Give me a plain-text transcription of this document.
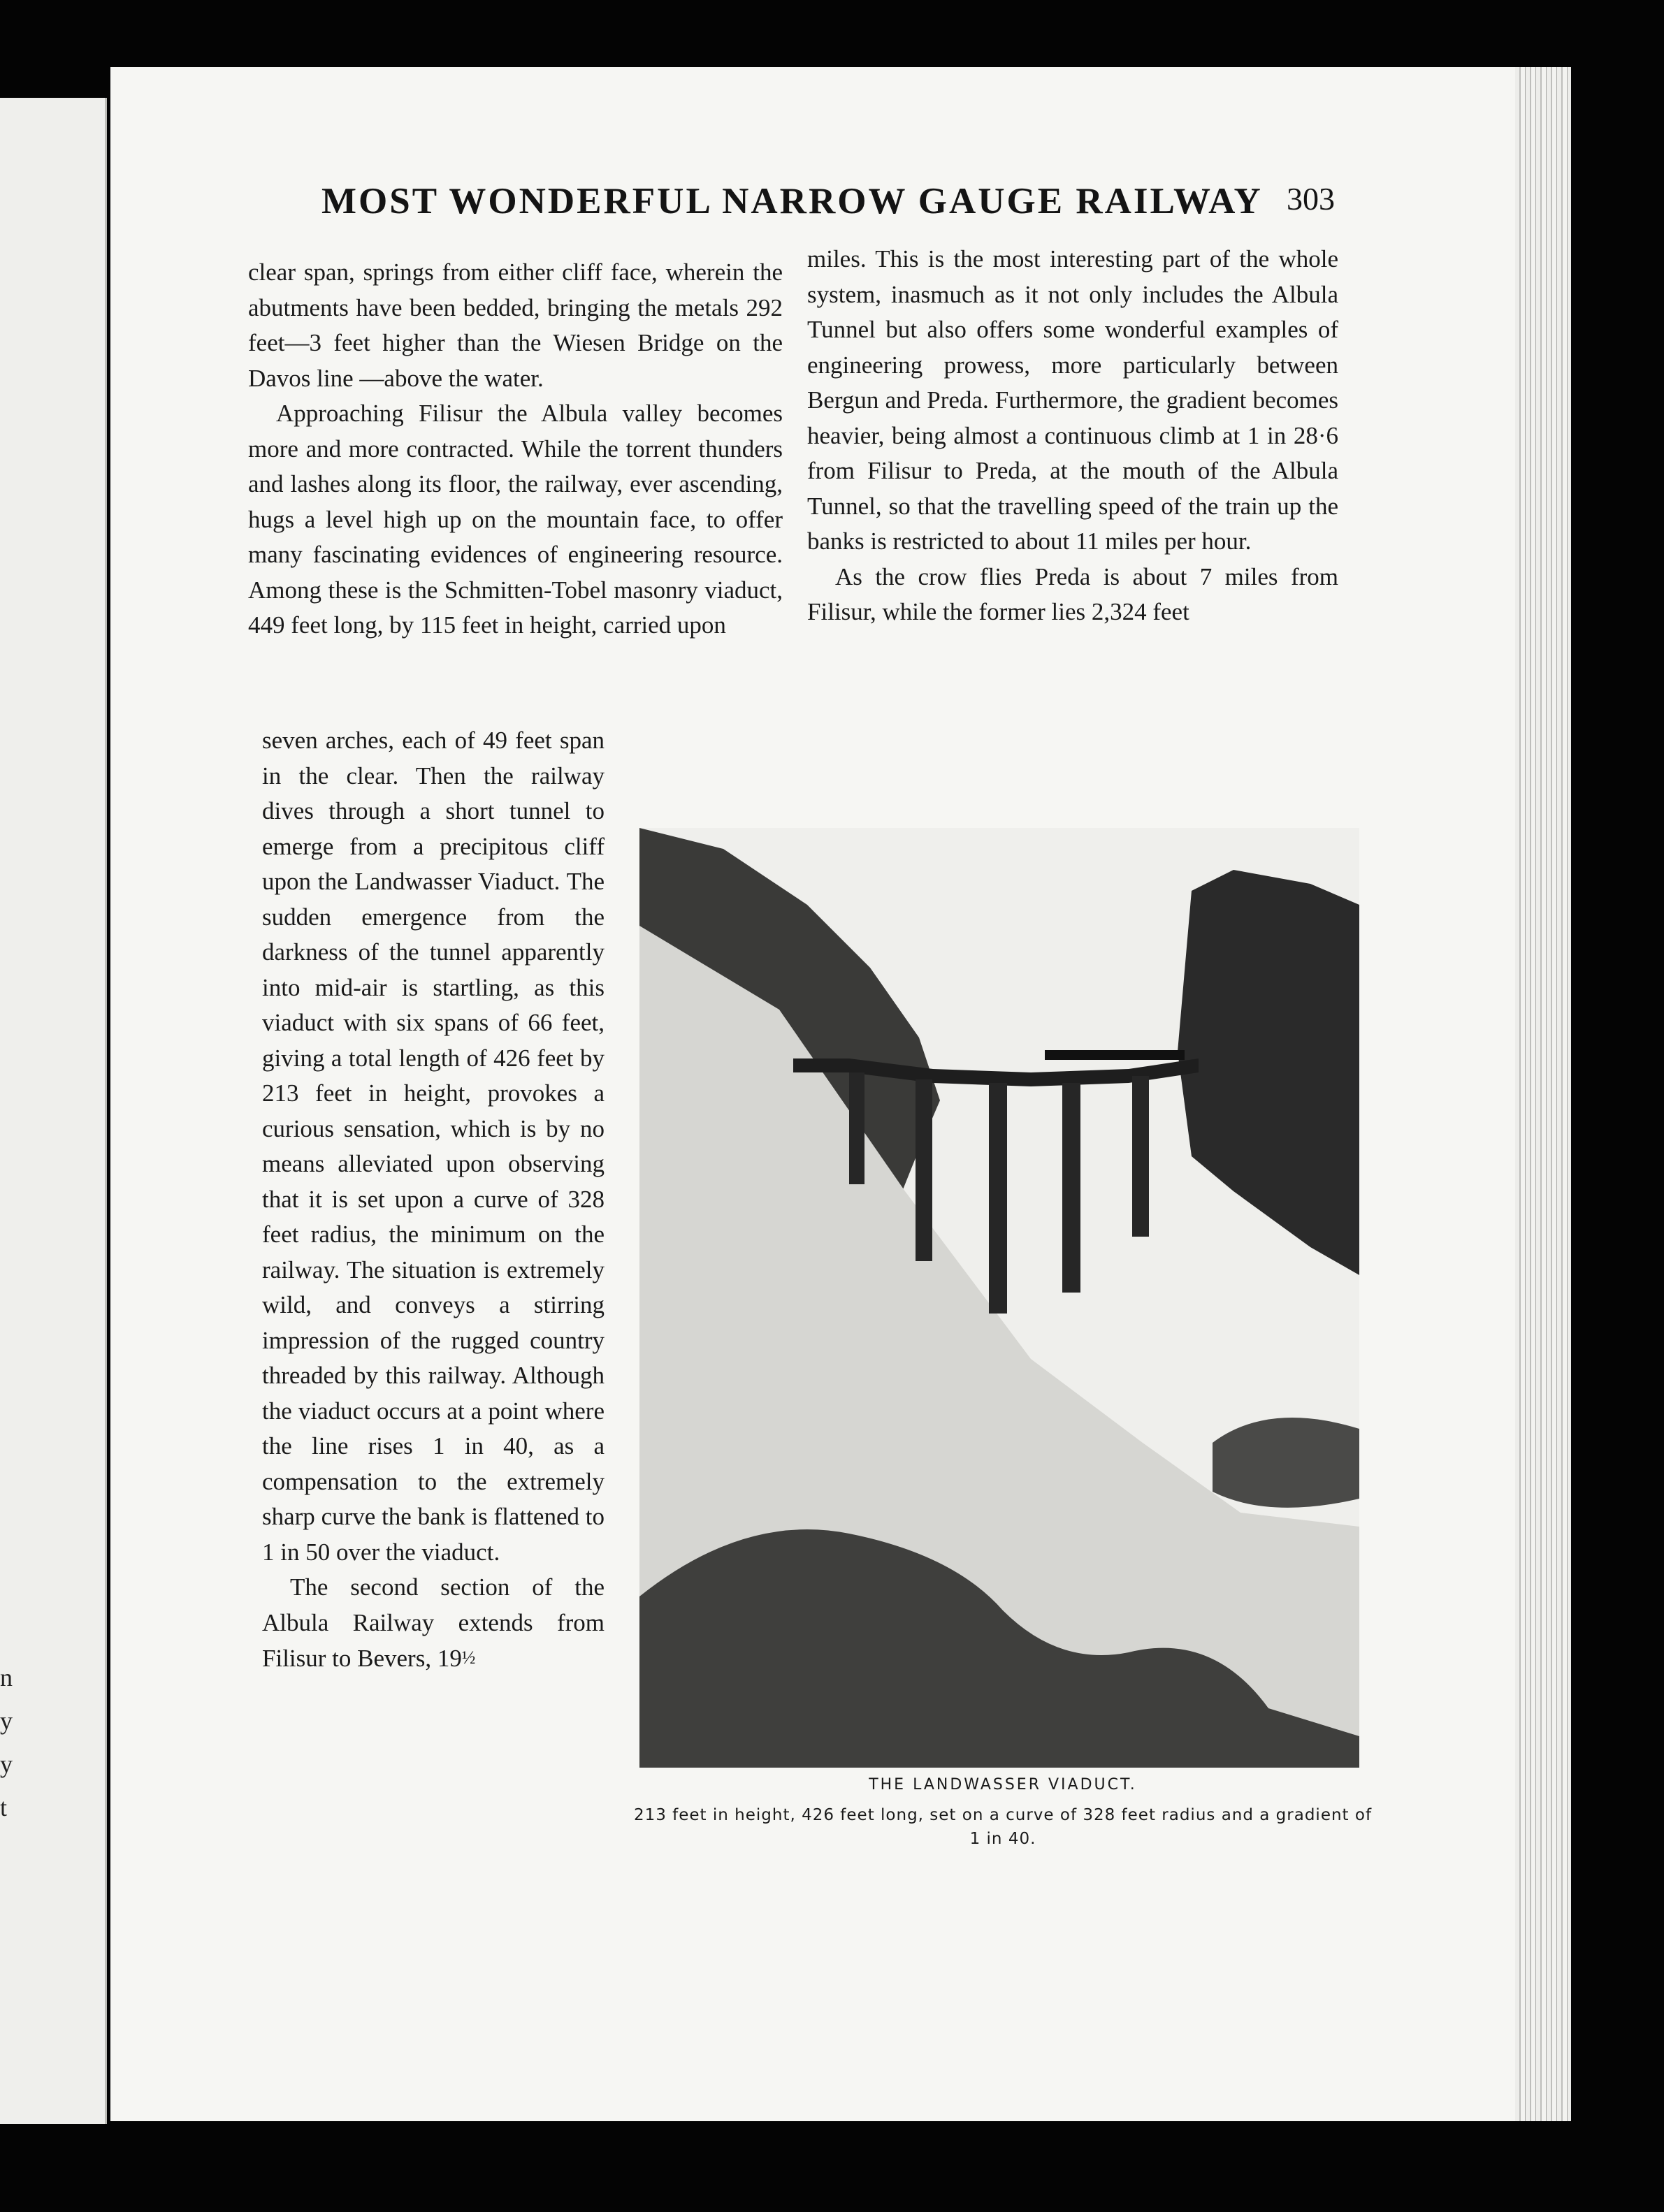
n
y
y
t
MOST WONDERFUL NARROW GAUGE RAILWAY 303

clear span, springs from either cliff face, wherein the abutments have been bedded, bringing the metals 292 feet—3 feet higher than the Wiesen Bridge on the Davos line —above the water.

Approaching Filisur the Albula valley becomes more and more contracted. While the torrent thunders and lashes along its floor, the railway, ever ascending, hugs a level high up on the mountain face, to offer many fascinating evidences of engineering resource. Among these is the Schmitten-Tobel masonry viaduct, 449 feet long, by 115 feet in height, carried upon

seven arches, each of 49 feet span in the clear. Then the railway dives through a short tunnel to emerge from a precipitous cliff upon the Landwasser Viaduct. The sudden emergence from the darkness of the tunnel apparently into mid-air is startling, as this viaduct with six spans of 66 feet, giving a total length of 426 feet by 213 feet in height, provokes a curious sensation, which is by no means alleviated upon observing that it is set upon a curve of 328 feet radius, the minimum on the railway. The situation is extremely wild, and conveys a stirring impression of the rugged country threaded by this railway. Although the viaduct occurs at a point where the line rises 1 in 40, as a compensation to the extremely sharp curve the bank is flattened to 1 in 50 over the viaduct.

The second section of the Albula Railway extends from Filisur to Bevers, 19½

miles. This is the most interesting part of the whole system, inasmuch as it not only includes the Albula Tunnel but also offers some wonderful examples of engineering prowess, more particularly between Bergun and Preda. Furthermore, the gradient becomes heavier, being almost a continuous climb at 1 in 28·6 from Filisur to Preda, at the mouth of the Albula Tunnel, so that the travelling speed of the train up the banks is restricted to about 11 miles per hour.

As the crow flies Preda is about 7 miles from Filisur, while the former lies 2,324 feet

THE LANDWASSER VIADUCT.

213 feet in height, 426 feet long, set on a curve of 328 feet radius and a gradient of 1 in 40.
